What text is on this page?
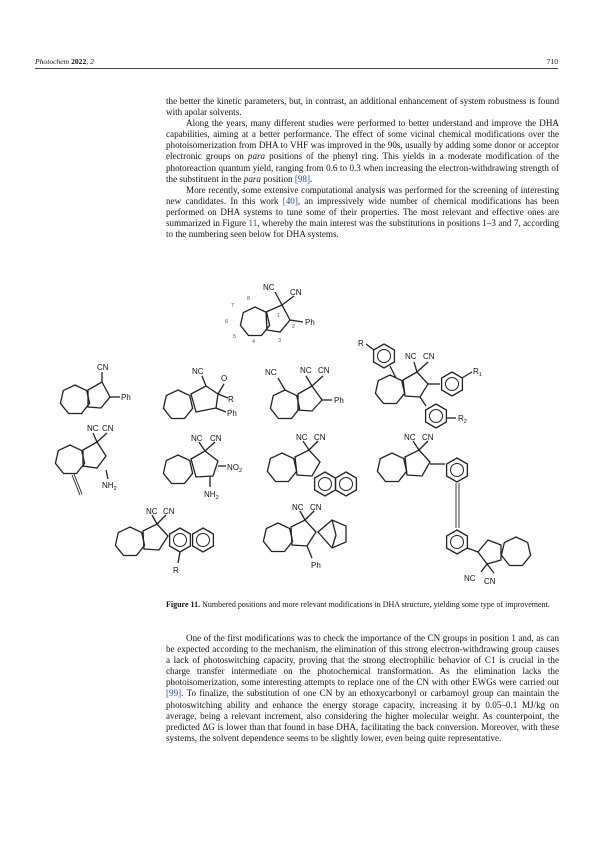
Photochem 2022, 2	710

the better the kinetic parameters, but, in contrast, an additional enhancement of system robustness is found with apolar solvents.

Along the years, many different studies were performed to better understand and improve the DHA capabilities, aiming at a better performance. The effect of some vicinal chemical modifications over the photoisomerization from DHA to VHF was improved in the 90s, usually by adding some donor or acceptor electronic groups on para positions of the phenyl ring. This yields in a moderate modification of the photoreaction quantum yield, ranging from 0.6 to 0.3 when increasing the electron-withdrawing strength of the substituent in the para position [98].

More recently, some extensive computational analysis was performed for the screening of interesting new candidates. In this work [40], an impressively wide number of chemical modifications has been performed on DHA systems to tune some of their properties. The most relevant and effective ones are summarized in Figure 11, whereby the main interest was the substitutions in positions 1–3 and 7, according to the numbering seen below for DHA systems.

NC
CN
Ph
1
2
3
4
5
6
7
8
CN
Ph
NC
O
R
Ph
NC	NC CN
Ph
R
NC CN
$R_1$
$R_2$
NC CN
$NH_2$
NC CN
$NO_2$
$NH_2$
NC CN	NC CN
NC CN
NC CN
R
NC CN
Ph
Figure 11. Numbered positions and more relevant modifications in DHA structure, yielding some type of improvement.

One of the first modifications was to check the importance of the CN groups in position 1 and, as can be expected according to the mechanism, the elimination of this strong electron-withdrawing group causes a lack of photoswitching capacity, proving that the strong electrophilic behavior of C1 is crucial in the charge transfer intermediate on the photochemical transformation. As the elimination lacks the photoisomerization, some interesting attempts to replace one of the CN with other EWGs were carried out [99]. To finalize, the substitution of one CN by an ethoxycarbonyl or carbamoyl group can maintain the photoswitching ability and enhance the energy storage capacity, increasing it by 0.05–0.1 MJ/kg on average, being a relevant increment, also considering the higher molecular weight. As counterpoint, the predicted ΔG is lower than that found in base DHA, facilitating the back conversion. Moreover, with these systems, the solvent dependence seems to be slightly lower, even being quite representative.
